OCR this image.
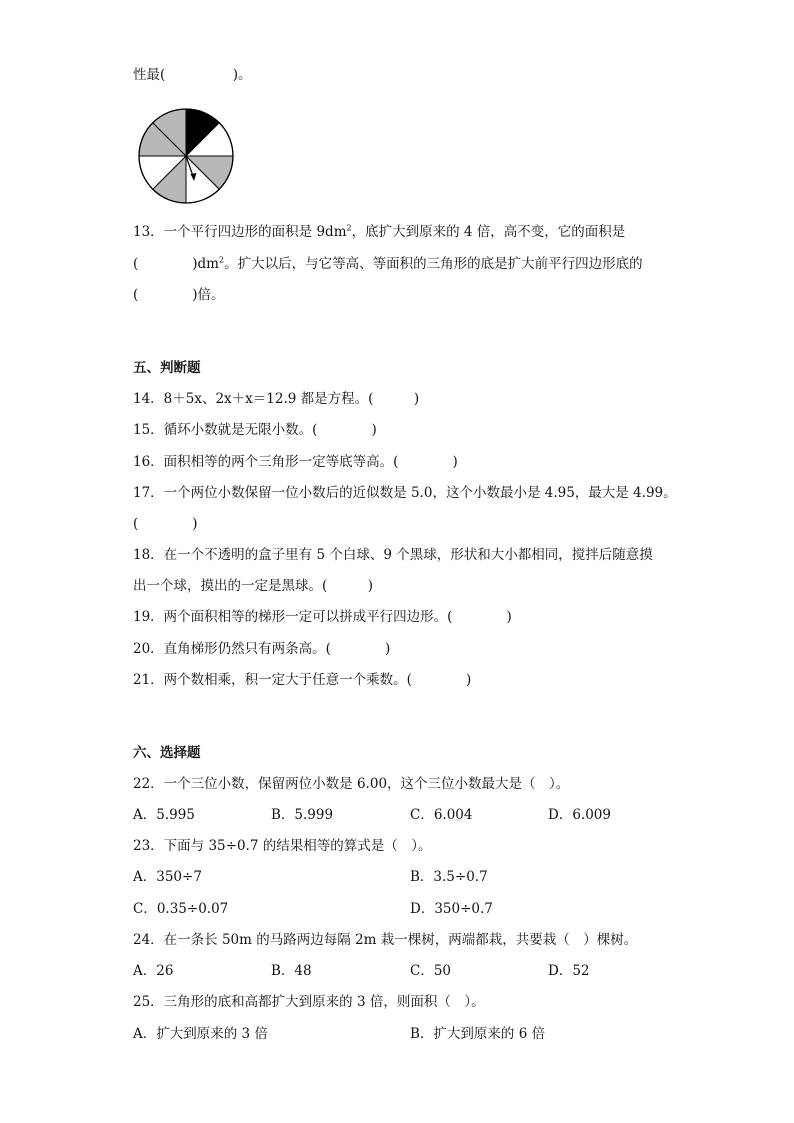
性最(　　　　　)。
13．一个平行四边形的面积是 $9dm^2$，底扩大到原来的 4 倍，高不变，它的面积是
(　　　　)$dm^2$。扩大以后，与它等高、等面积的三角形的底是扩大前平行四边形底的
(　　　　)倍。
五、判断题
14．8＋5x、2x＋x＝12.9 都是方程。(　　　)
15．循环小数就是无限小数。(　　　　)
16．面积相等的两个三角形一定等底等高。(　　　　)
17．一个两位小数保留一位小数后的近似数是 5.0，这个小数最小是 4.95，最大是 4.99。
(　　　　)
18．在一个不透明的盒子里有 5 个白球、9 个黑球，形状和大小都相同，搅拌后随意摸
出一个球，摸出的一定是黑球。(　　　)
19．两个面积相等的梯形一定可以拼成平行四边形。(　　　　)
20．直角梯形仍然只有两条高。(　　　　)
21．两个数相乘，积一定大于任意一个乘数。(　　　　)
六、选择题
22．一个三位小数，保留两位小数是 6.00，这个三位小数最大是（　）。
A．5.995	B．5.999	C．6.004	D．6.009
23．下面与 35÷0.7 的结果相等的算式是（　）。
A．350÷7	B．3.5÷0.7
C．0.35÷0.07	D．350÷0.7
24．在一条长 50m 的马路两边每隔 2m 栽一棵树，两端都栽，共要栽（　）棵树。
A．26	B．48	C．50	D．52
25．三角形的底和高都扩大到原来的 3 倍，则面积（　）。
A．扩大到原来的 3 倍	B．扩大到原来的 6 倍
